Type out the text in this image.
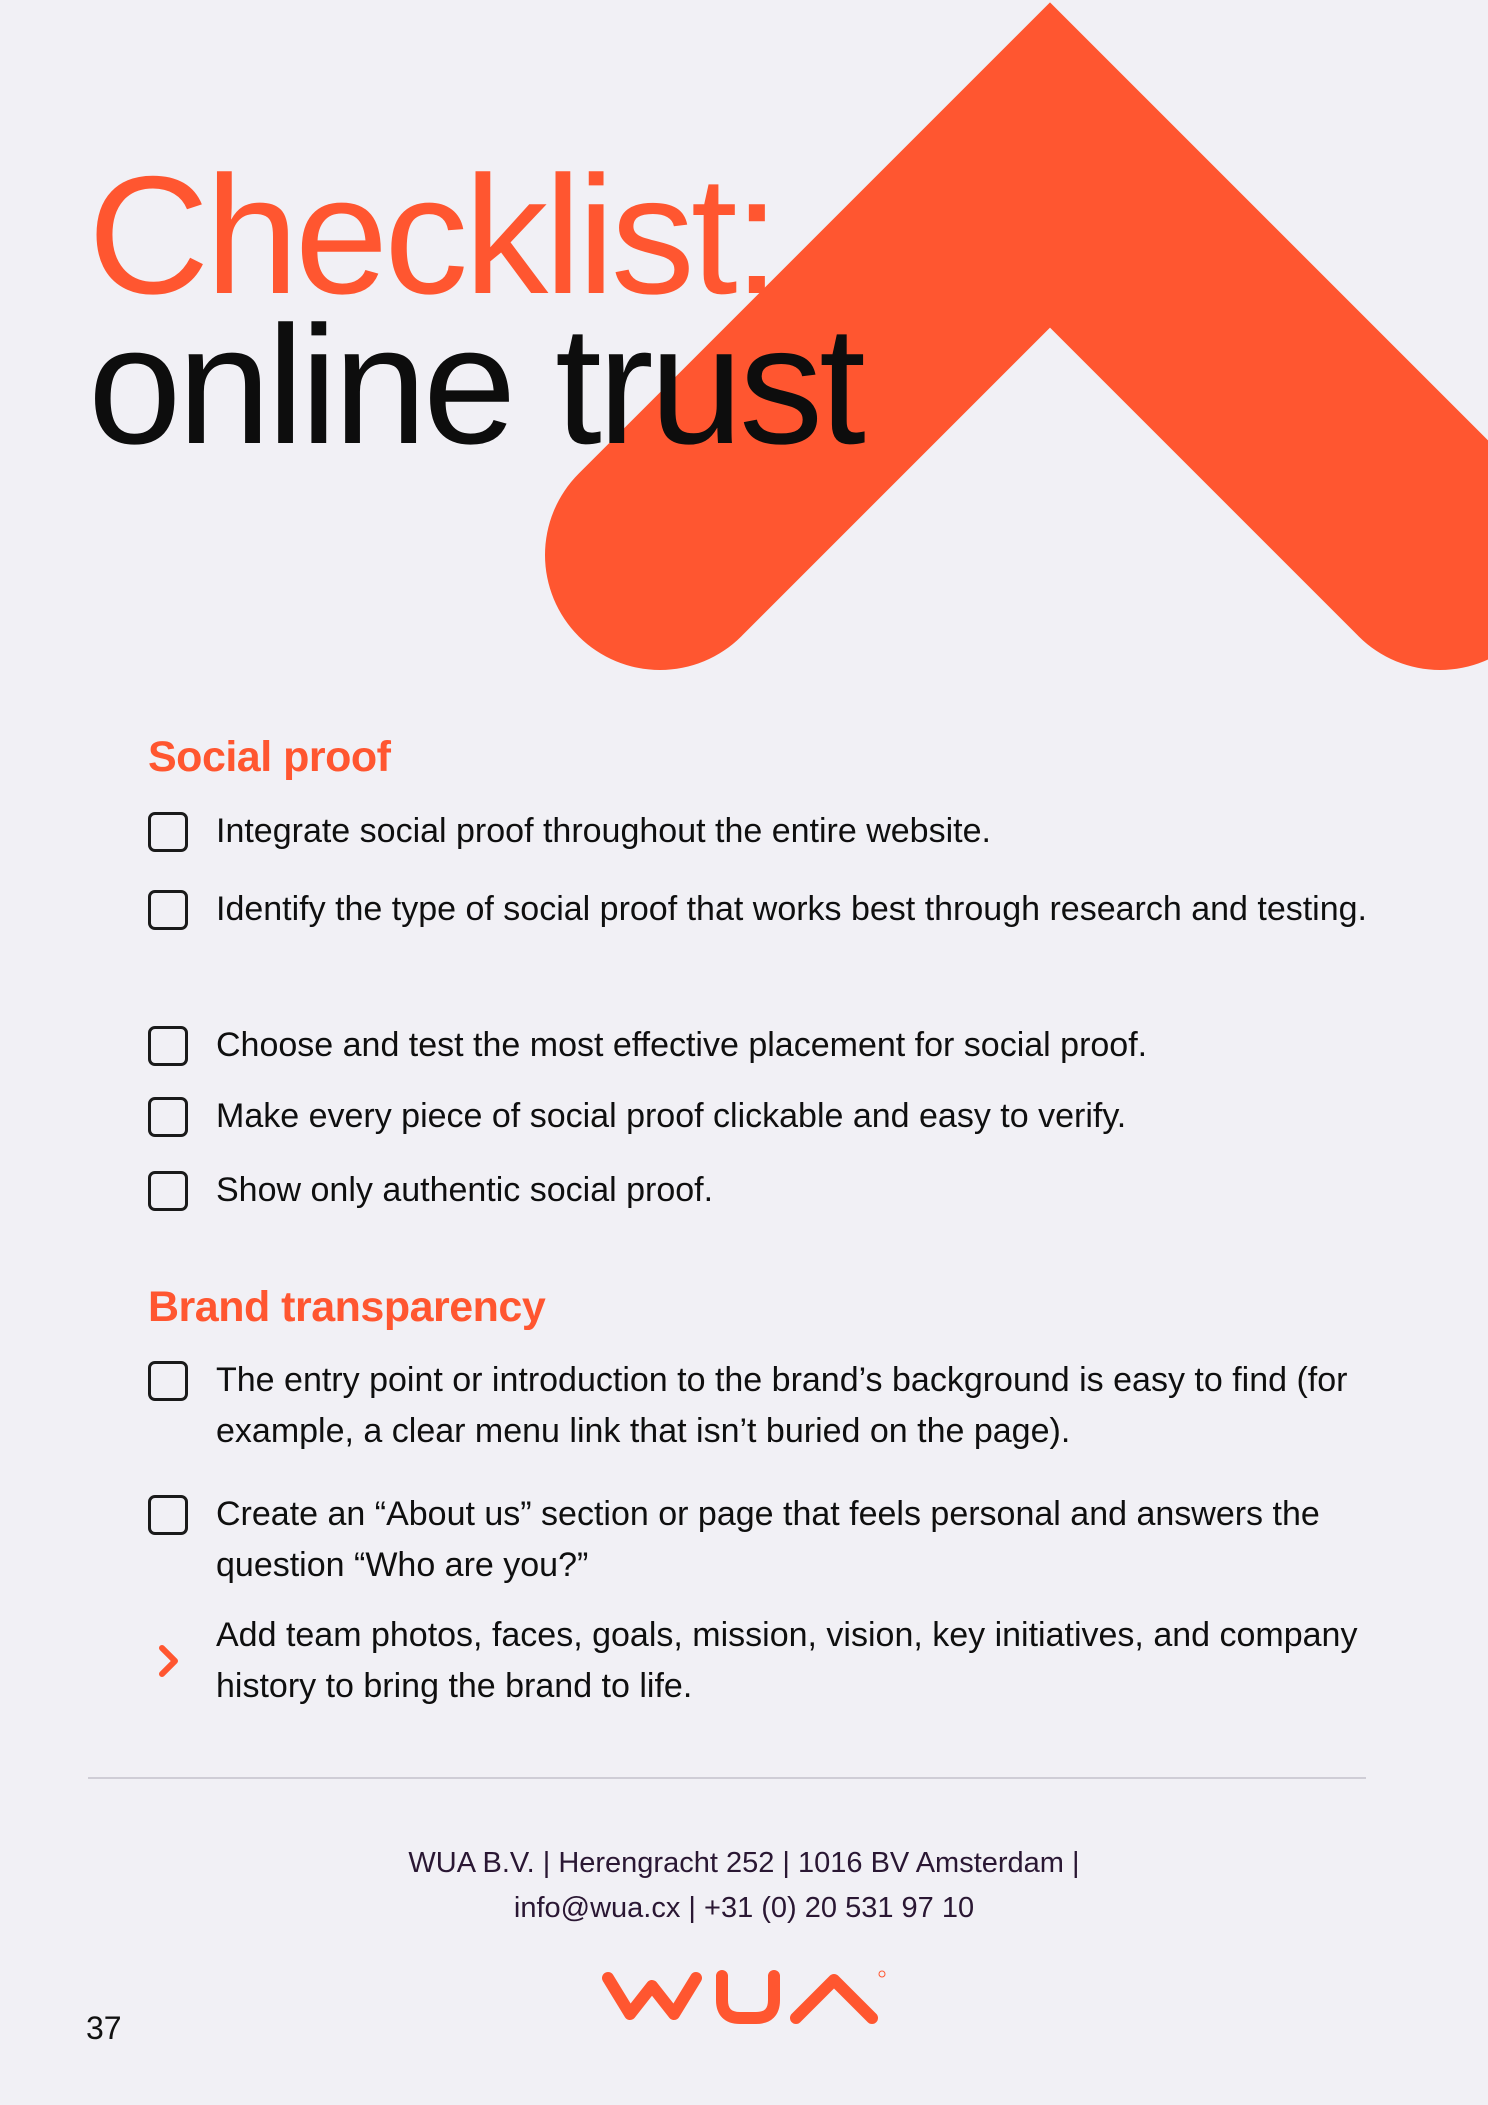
Checklist:
online trust
Social proof
Integrate social proof throughout the entire website.
Identify the type of social proof that works best through research and testing.
Choose and test the most effective placement for social proof.
Make every piece of social proof clickable and easy to verify.
Show only authentic social proof.
Brand transparency
The entry point or introduction to the brand’s background is easy to find (for example, a clear menu link that isn’t buried on the page).
Create an “About us” section or page that feels personal and answers the question “Who are you?”
Add team photos, faces, goals, mission, vision, key initiatives, and company history to bring the brand to life.
WUA B.V. | Herengracht 252 | 1016 BV Amsterdam |
info@wua.cx | +31 (0) 20 531 97 10
37
